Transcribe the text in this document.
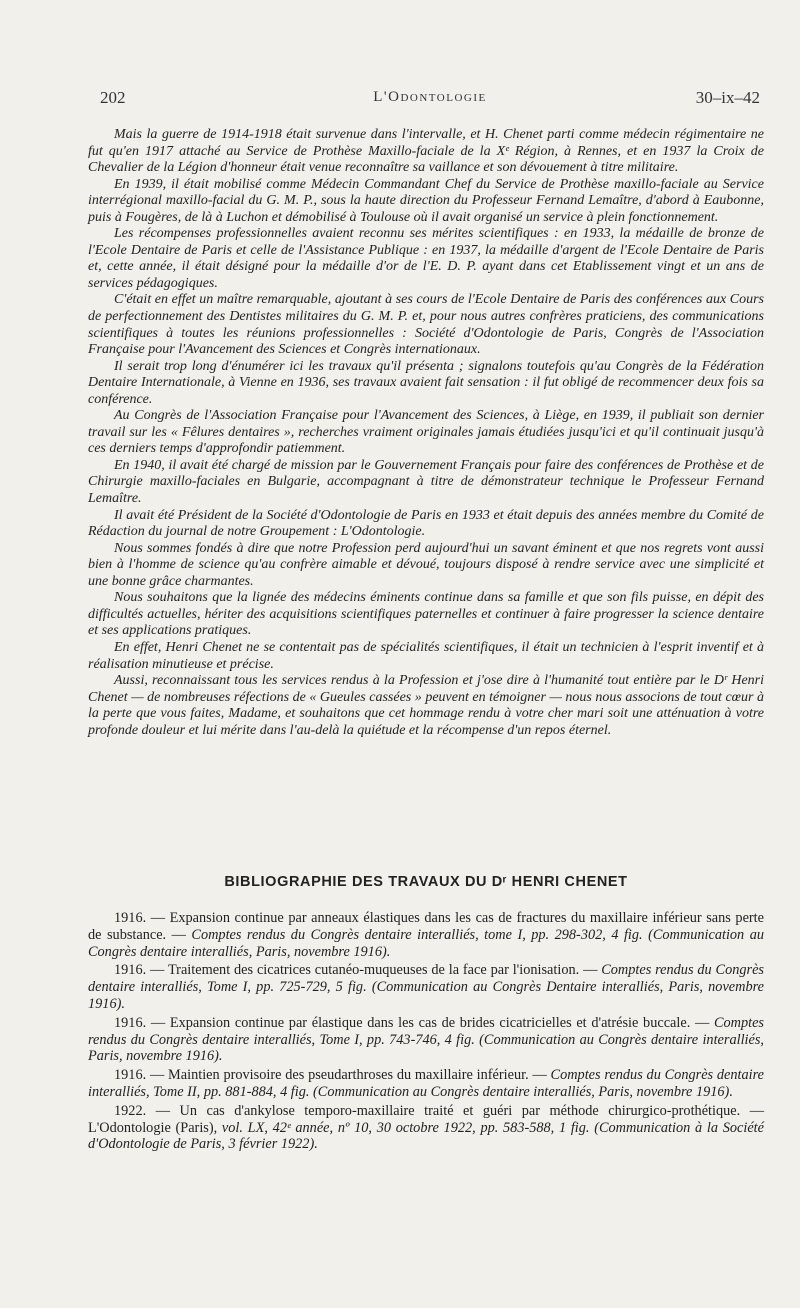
202	L'Odontologie	30–ix–42

Mais la guerre de 1914-1918 était survenue dans l'intervalle, et H. Chenet parti comme médecin régimentaire ne fut qu'en 1917 attaché au Service de Prothèse Maxillo-faciale de la Xᵉ Région, à Rennes, et en 1937 la Croix de Chevalier de la Légion d'honneur était venue reconnaître sa vaillance et son dévouement à titre militaire.

En 1939, il était mobilisé comme Médecin Commandant Chef du Service de Prothèse maxillo-faciale au Service interrégional maxillo-facial du G. M. P., sous la haute direction du Professeur Fernand Lemaître, d'abord à Eaubonne, puis à Fougères, de là à Luchon et démobilisé à Toulouse où il avait organisé un service à plein fonctionnement.

Les récompenses professionnelles avaient reconnu ses mérites scientifiques : en 1933, la médaille de bronze de l'Ecole Dentaire de Paris et celle de l'Assistance Publique : en 1937, la médaille d'argent de l'Ecole Dentaire de Paris et, cette année, il était désigné pour la médaille d'or de l'E. D. P. ayant dans cet Etablissement vingt et un ans de services pédagogiques.

C'était en effet un maître remarquable, ajoutant à ses cours de l'Ecole Dentaire de Paris des conférences aux Cours de perfectionnement des Dentistes militaires du G. M. P. et, pour nous autres confrères praticiens, des communications scientifiques à toutes les réunions professionnelles : Société d'Odontologie de Paris, Congrès de l'Association Française pour l'Avancement des Sciences et Congrès internationaux.

Il serait trop long d'énumérer ici les travaux qu'il présenta ; signalons toutefois qu'au Congrès de la Fédération Dentaire Internationale, à Vienne en 1936, ses travaux avaient fait sensation : il fut obligé de recommencer deux fois sa conférence.

Au Congrès de l'Association Française pour l'Avancement des Sciences, à Liège, en 1939, il publiait son dernier travail sur les « Fêlures dentaires », recherches vraiment originales jamais étudiées jusqu'ici et qu'il continuait jusqu'à ces derniers temps d'approfondir patiemment.

En 1940, il avait été chargé de mission par le Gouvernement Français pour faire des conférences de Prothèse et de Chirurgie maxillo-faciales en Bulgarie, accompagnant à titre de démonstrateur technique le Professeur Fernand Lemaître.

Il avait été Président de la Société d'Odontologie de Paris en 1933 et était depuis des années membre du Comité de Rédaction du journal de notre Groupement : L'Odontologie.

Nous sommes fondés à dire que notre Profession perd aujourd'hui un savant éminent et que nos regrets vont aussi bien à l'homme de science qu'au confrère aimable et dévoué, toujours disposé à rendre service avec une simplicité et une bonne grâce charmantes.

Nous souhaitons que la lignée des médecins éminents continue dans sa famille et que son fils puisse, en dépit des difficultés actuelles, hériter des acquisitions scientifiques paternelles et continuer à faire progresser la science dentaire et ses applications pratiques.

En effet, Henri Chenet ne se contentait pas de spécialités scientifiques, il était un technicien à l'esprit inventif et à réalisation minutieuse et précise.

Aussi, reconnaissant tous les services rendus à la Profession et j'ose dire à l'humanité tout entière par le Dʳ Henri Chenet — de nombreuses réfections de « Gueules cassées » peuvent en témoigner — nous nous associons de tout cœur à la perte que vous faites, Madame, et souhaitons que cet hommage rendu à votre cher mari soit une atténuation à votre profonde douleur et lui mérite dans l'au-delà la quiétude et la récompense d'un repos éternel.

BIBLIOGRAPHIE DES TRAVAUX DU Dʳ HENRI CHENET

1916. — Expansion continue par anneaux élastiques dans les cas de fractures du maxillaire inférieur sans perte de substance. — Comptes rendus du Congrès dentaire interalliés, tome I, pp. 298-302, 4 fig. (Communication au Congrès dentaire interalliés, Paris, novembre 1916).

1916. — Traitement des cicatrices cutanéo-muqueuses de la face par l'ionisation. — Comptes rendus du Congrès dentaire interalliés, Tome I, pp. 725-729, 5 fig. (Communication au Congrès Dentaire interalliés, Paris, novembre 1916).

1916. — Expansion continue par élastique dans les cas de brides cicatricielles et d'atrésie buccale. — Comptes rendus du Congrès dentaire interalliés, Tome I, pp. 743-746, 4 fig. (Communication au Congrès dentaire interalliés, Paris, novembre 1916).

1916. — Maintien provisoire des pseudarthroses du maxillaire inférieur. — Comptes rendus du Congrès dentaire interalliés, Tome II, pp. 881-884, 4 fig. (Communication au Congrès dentaire interalliés, Paris, novembre 1916).

1922. — Un cas d'ankylose temporo-maxillaire traité et guéri par méthode chirurgico-prothétique. — L'Odontologie (Paris), vol. LX, 42ᵉ année, nº 10, 30 octobre 1922, pp. 583-588, 1 fig. (Communication à la Société d'Odontologie de Paris, 3 février 1922).
